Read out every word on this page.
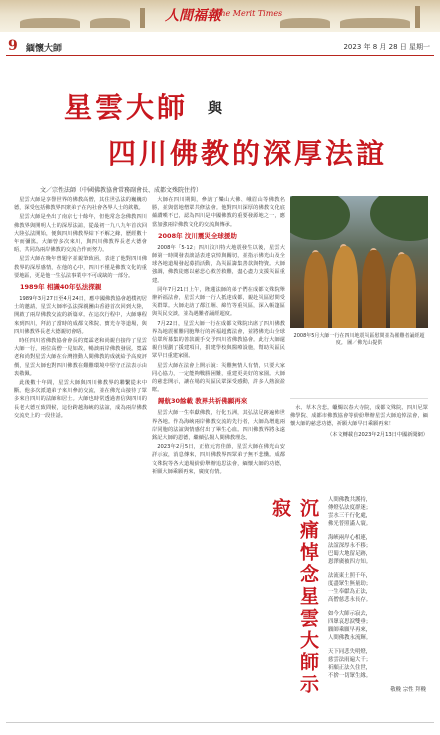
人間福報
The Merit Times
9 緬懷大師	2023 年 8 月 28 日 星期一
星雲大師 與
四川佛教的深厚法誼
文／宗性法師（中國佛教協會常務副會長、成都文殊院住持）

星雲大師是享譽世界的佛教高僧，其住世弘法的巍巍功德，深受包括佛教界四衆弟子在內社會各界人士的欽敬。

星雲大師是坐出了南京七十餘年，但他常念念佛教四川佛教界與開明人士的深厚法誼，從最初一九八九年首次回大陸弘法開始，便與四川佛教界結下不解之緣，歷經數十年而彌篤。大師曾多次來川，與四川佛教界長老大德會晤，共同為兩岸佛教的交流合作而努力。

星雲大師在晚年曾題字並親筆致函，表達了他對四川佛教界的深厚感情，在他的心中，四川不僅是佛教文化的重要地區，更是他一生弘法事業中不可或缺的一部分。

1989年 相識40年弘法探親

1989年3月27日至4月24日，應中國佛教協會趙樸初居士的邀請，星雲大師率弘法探親團由香港首次回到大陸，開啟了兩岸佛教交流的新篇章。在這次行程中，大師專程來到四川，拜訪了當時的成都文殊院、寶光寺等道場，與四川佛教界長老大德親切會晤。

時任四川省佛教協會會長的寬霖老和尚親自接待了星雲大師一行，兩位高僧一見如故，暢談兩岸佛教發展。寬霖老和尚對星雲大師在台灣推動人間佛教的成就給予高度評價，星雲大師也對四川佛教在艱難環境中堅守正法表示由衷敬佩。

此後數十年間，星雲大師與四川佛教界的聯繫從未中斷。他多次派遣弟子來川參訪交流，並在佛光山接待了眾多來自四川的法師和居士。大師也時常透過書信與四川的長老大德互致問候，這份跨越海峽的法誼，成為兩岸佛教交流史上的一段佳話。

大師在四川期間，參訪了樂山大佛、峨眉山等佛教名勝，並與當地僧眾共修法會。他對四川深厚的佛教文化底蘊讚嘆不已，認為四川是中國佛教的重要發源地之一，應當加強兩岸佛教文化的交流與傳承。

2008年 汶川震災全球援助

2008年「5·12」四川汶川特大地震發生以後，星雲大師第一時間發表談話表達哀悼與關切，並指示佛光山及全球各地道場發起募捐活動，為災區籌集善款與物資。大師強調，佛教徒應以慈悲心救苦救難，盡心盡力支援災區重建。

同年7月21日上午，隆蓮法師的弟子們在成都文殊院舉辦祈福法會，星雲大師一行人抵達成都，親赴災區慰問受災群眾。大師走訪了都江堰、綿竹等重災區，深入帳篷區與災民交談，並為遇難者誦經超度。

7月22日，星雲大師一行在成都文殊院出席了四川佛教界為地震罹難同胞舉行的祈福超薦法會，並將佛光山全球信眾所募集的善款親手交予四川省佛教協會。此行大師還親自規劃了援建項目，捐建學校與醫療設施，幫助災區民眾早日重建家園。

星雲大師在法會上開示說：災難無情人有情，只要大家同心協力，一定能夠戰勝困難，重建更美好的家園。大師的慈悲開示，讓在場的災區民眾深受感動，許多人熱淚盈眶。

歸航30餘載 教界共祈佛願再來

星雲大師一生奉獻佛教，行化五洲，其弘法足跡遍佈世界各地。作為海峽兩岸佛教交流的先行者，大師為增進兩岸同胞的法誼與情感付出了畢生心血。四川佛教界將永遠銘記大師的恩德，繼續弘揚人間佛教理念。

2023年2月5日，正值元宵佳節，星雲大師在佛光山安詳示寂，消息傳來，四川佛教界四眾弟子無不悲慟。成都文殊院等各大道場紛紛舉辦追思法會，緬懷大師的功德，祈願大師乘願再來，廣度有情。

2008年5月大師一行在四川地震災區慰問並為罹難者誦經超度。 圖／佛光山提供

水、草木含悲。蠟燭以春大寺院，成都文殊院、四川尼眾佛學院、成都市佛教協會等紛紛舉辦星雲大師追悼法會，緬懷大師的慈悲功德，祈願大師早日乘願再來！

（本文轉載自2023年2月13日中國新聞網）

沉痛悼念星雲大師示寂	人間佛教共護持，
傳燈弘法度群迷；
雲水三千行化處，
佛光普照滿人寰。
海峽兩岸心相連，
法誼深厚永不移；
巴蜀大地留足跡，
恩澤廣被四方知。
法流東土照千年，
度盡眾生無量劫；
一生奉獻為正法，
高僧慈悲永長存。
如今大師示寂去，
四眾哀思淚雙垂；
願師乘願早再來，
人間佛教永流輝。
天下同悲失明燈，
慈雲法雨遍大千；
祈願正法久住世，
不捨一切眾生緣。
敬輓 宗性 拜輓
